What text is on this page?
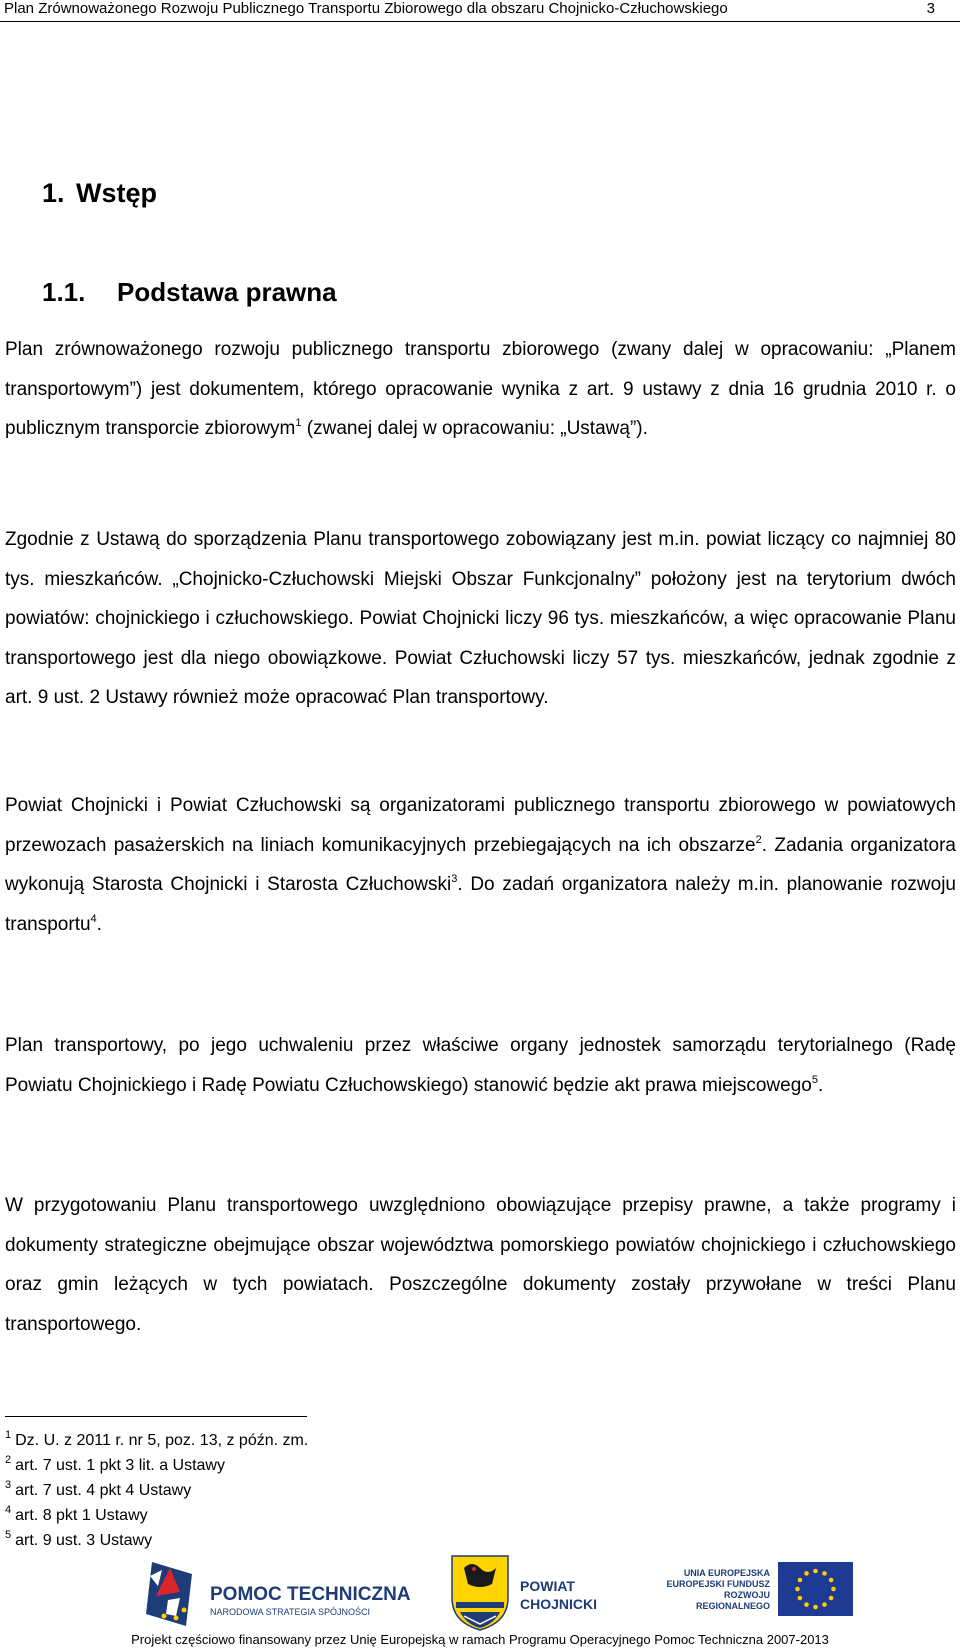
Plan Zrównoważonego Rozwoju Publicznego Transportu Zbiorowego dla obszaru Chojnicko-Człuchowskiego	3
1. Wstęp
1.1. Podstawa prawna

Plan zrównoważonego rozwoju publicznego transportu zbiorowego (zwany dalej w opracowaniu: „Planem transportowym”) jest dokumentem, którego opracowanie wynika z art. 9 ustawy z dnia 16 grudnia 2010 r. o publicznym transporcie zbiorowym$^1$ (zwanej dalej w opracowaniu: „Ustawą”).

Zgodnie z Ustawą do sporządzenia Planu transportowego zobowiązany jest m.in. powiat liczący co najmniej 80 tys. mieszkańców. „Chojnicko-Człuchowski Miejski Obszar Funkcjonalny” położony jest na terytorium dwóch powiatów: chojnickiego i człuchowskiego. Powiat Chojnicki liczy 96 tys. mieszkańców, a więc opracowanie Planu transportowego jest dla niego obowiązkowe. Powiat Człuchowski liczy 57 tys. mieszkańców, jednak zgodnie z art. 9 ust. 2 Ustawy również może opracować Plan transportowy.

Powiat Chojnicki i Powiat Człuchowski są organizatorami publicznego transportu zbiorowego w powiatowych przewozach pasażerskich na liniach komunikacyjnych przebiegających na ich obszarze$^2$. Zadania organizatora wykonują Starosta Chojnicki i Starosta Człuchowski$^3$. Do zadań organizatora należy m.in. planowanie rozwoju transportu$^4$.

Plan transportowy, po jego uchwaleniu przez właściwe organy jednostek samorządu terytorialnego (Radę Powiatu Chojnickiego i Radę Powiatu Człuchowskiego) stanowić będzie akt prawa miejscowego$^5$.

W przygotowaniu Planu transportowego uwzględniono obowiązujące przepisy prawne, a także programy i dokumenty strategiczne obejmujące obszar województwa pomorskiego powiatów chojnickiego i człuchowskiego oraz gmin leżących w tych powiatach. Poszczególne dokumenty zostały przywołane w treści Planu transportowego.

$^1$ Dz. U. z 2011 r. nr 5, poz. 13, z późn. zm.
$^2$ art. 7 ust. 1 pkt 3 lit. a Ustawy
$^3$ art. 7 ust. 4 pkt 4 Ustawy
$^4$ art. 8 pkt 1 Ustawy
$^5$ art. 9 ust. 3 Ustawy
POMOC TECHNICZNA
NARODOWA STRATEGIA SPÓJNOŚCI
POWIAT
CHOJNICKI
UNIA EUROPEJSKA
EUROPEJSKI FUNDUSZ
ROZWOJU REGIONALNEGO
Projekt częściowo finansowany przez Unię Europejską w ramach Programu Operacyjnego Pomoc Techniczna 2007-2013
